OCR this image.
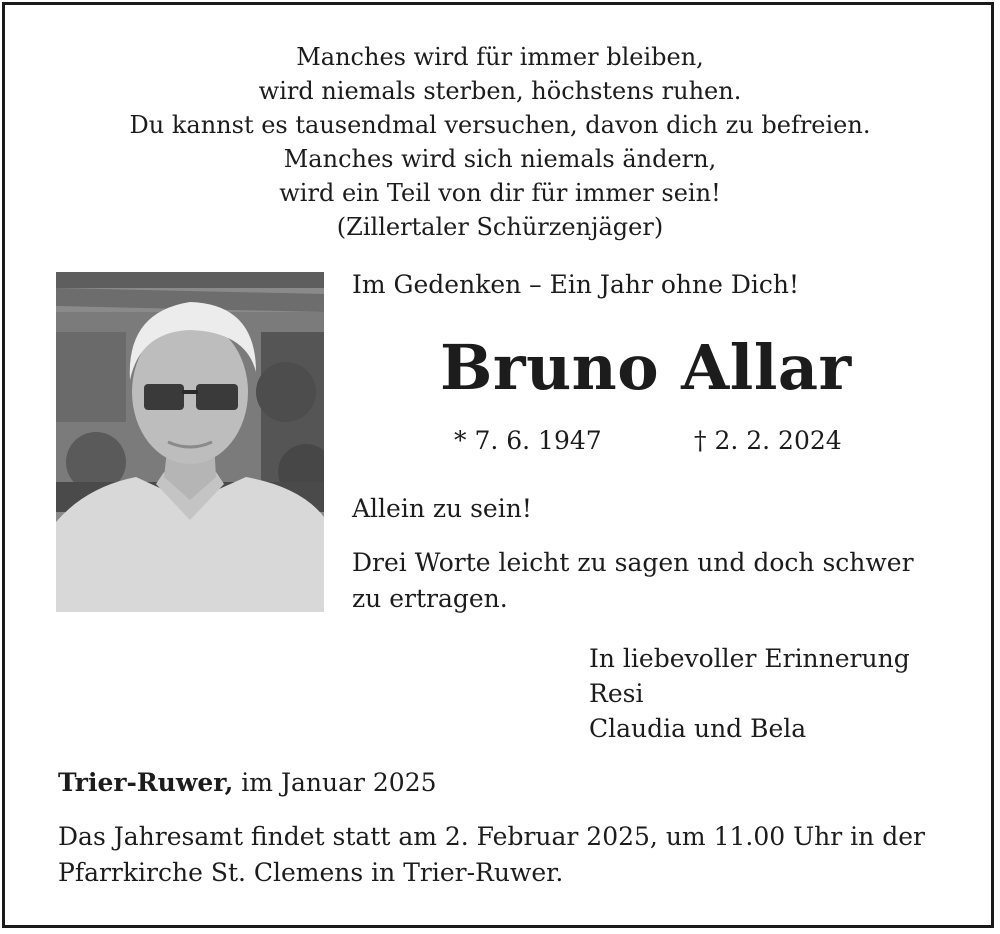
Manches wird für immer bleiben,
wird niemals sterben, höchstens ruhen.
Du kannst es tausendmal versuchen, davon dich zu befreien.
Manches wird sich niemals ändern,
wird ein Teil von dir für immer sein!
(Zillertaler Schürzenjäger)
Im Gedenken – Ein Jahr ohne Dich!
Bruno Allar
* 7. 6. 1947	† 2. 2. 2024
Allein zu sein!
Drei Worte leicht zu sagen und doch schwer
zu ertragen.
In liebevoller Erinnerung
Resi
Claudia und Bela
Trier-Ruwer, im Januar 2025
Das Jahresamt findet statt am 2. Februar 2025, um 11.00 Uhr in der
Pfarrkirche St. Clemens in Trier-Ruwer.
